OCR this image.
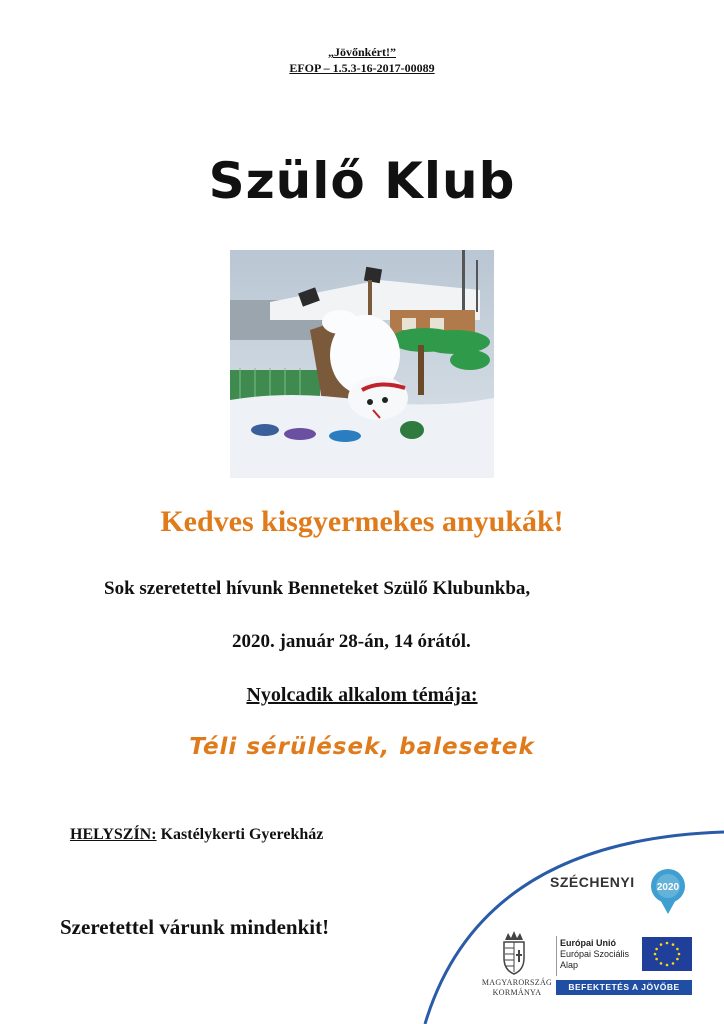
„Jövőnkért!”
EFOP – 1.5.3-16-2017-00089
Szülő Klub
Kedves kisgyermekes anyukák!
Sok szeretettel hívunk Benneteket Szülő Klubunkba,
2020. január 28-án, 14 órától.
Nyolcadik alkalom témája:
Téli sérülések, balesetek
HELYSZÍN: Kastélykerti Gyerekház
Szeretettel várunk mindenkit!
SZÉCHENYI 2020
MAGYARORSZÁG
KORMÁNYA
Európai Unió
Európai Szociális
Alap
BEFEKTETÉS A JÖVŐBE
